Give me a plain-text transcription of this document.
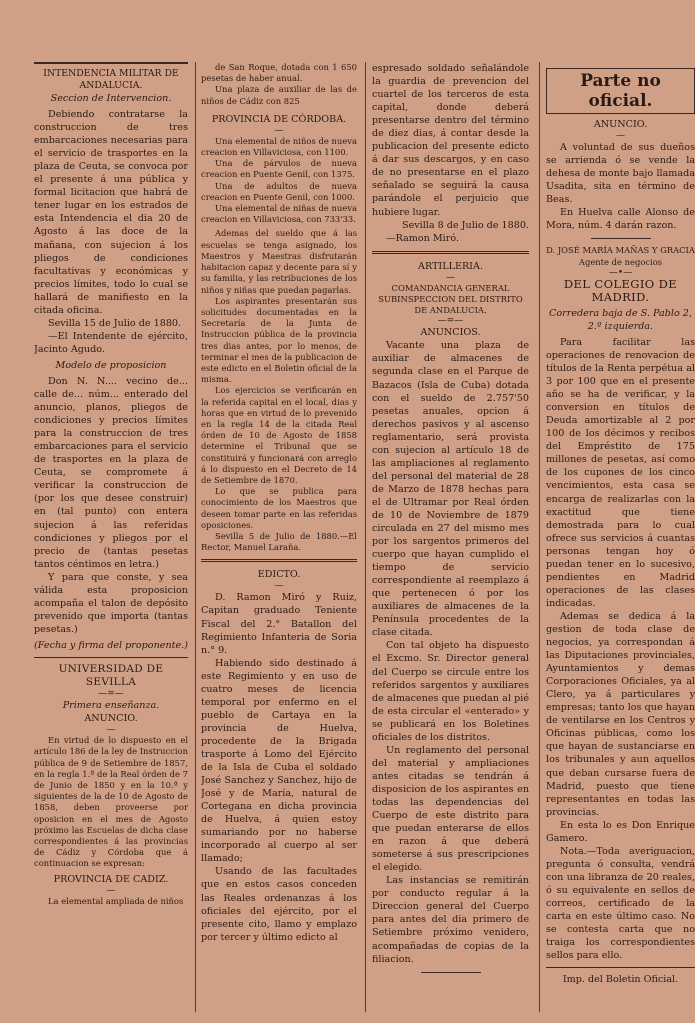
INTENDENCIA MILITAR DE ANDALUCIA.
Seccion de Intervencion.

Debiendo contratarse la construccion de tres embarcaciones necesarias para el servicio de trasportes en la plaza de Ceuta, se convoca por el presente á una pública y formal licitacion que habrá de tener lugar en los estrados de esta Intendencia el dia 20 de Agosto á las doce de la mañana, con sujecion á los pliegos de condiciones facultativas y económicas y precios límites, todo lo cual se hallará de manifiesto en la citada oficina.

Sevilla 15 de Julio de 1880.

—El Intendente de ejército, Jacinto Agudo.

Modelo de proposicion

Don N. N.... vecino de... calle de... núm... enterado del anuncio, planos, pliegos de condiciones y precios límites para la construccion de tres embarcaciones para el servicio de trasportes en la plaza de Ceuta, se compromete á verificar la construccion de (por los que desee construir) en (tal punto) con entera sujecion á las referidas condiciones y pliegos por el precio de (tantas pesetas tantos céntimos en letra.)

Y para que conste, y sea válida esta proposicion acompaña el talon de depósito prevenido que importa (tantas pesetas.)

(Fecha y firma del proponente.)
UNIVERSIDAD DE SEVILLA
—=—
Primera enseñanza.
ANUNCIO.
—

En virtud de lo dispuesto en el artículo 186 de la ley de Instruccion pública de 9 de Setiembre de 1857, en la regla 1.ª de la Real órden de 7 de Junio de 1850 y en la 10.ª y siguientes de la de 10 de Agosto de 1858, deben proveerse por oposicion en el mes de Agosto próximo las Escuelas de dicha clase correspondientes á las provincias de Cádiz y Córdoba que á continuacion se expresan:

PROVINCIA DE CADIZ.
—

La elemental ampliada de niños

de San Roque, dotada con 1 650 pesetas de haber anual.

Una plaza de auxiliar de las de niños de Cádiz con 825

PROVINCIA DE CÓRDOBA.
—

Una elemental de niños de nueva creacion en Villaviciosa, con 1100.

Una de párvulos de nueva creacion en Puente Genil, con 1375.

Una de adultos de nueva creacion en Puente Genil, con 1000.

Una elemental de niñas de nueva creacion en Villaviciosa, con 733'33.

Ademas del sueldo que á las escuelas se tenga asignado, los Maestros y Maestras disfrutarán habitacion capaz y decente para sí y su familia, y las retribuciones de los niños y niñas que puedan pagarlas.

Los aspirantes presentarán sus solicitudes documentadas en la Secretaría de la Junta de Instruccion pública de la provincia tres dias antes, por lo menos, de terminar el mes de la publicacion de este edicto en el Boletin oficial de la misma.

Los ejercicios se verificarán en la referida capital en el local, dias y horas que en virtud de lo prevenido en la regla 14 de la citada Real órden de 10 de Agosto de 1858 determine el Tribunal que se constituirá y funcionará con arreglo á lo dispuesto en el Decreto de 14 de Setiembre de 1870.

Lo que se publica para conocimiento de los Maestros que deseen tomar parte en las referidas oposiciones.

Sevilla 5 de Julio de 1880.—El Rector, Manuel Laraña.

EDICTO.
—

D. Ramon Miró y Ruiz, Capitan graduado Teniente Fiscal del 2.° Batallon del Regimiento Infanteria de Soria n.° 9.

Habiendo sido destinado á este Regimiento y en uso de cuatro meses de licencia temporal por enfermo en el pueblo de Cartaya en la provincia de Huelva, procedente de la Brigada trasporte á Lomo del Ejército de la Isla de Cuba el soldado José Sanchez y Sanchez, hijo de José y de María, natural de Cortegana en dicha provincia de Huelva, á quien estoy sumariando por no haberse incorporado al cuerpo al ser llamado;

Usando de las facultades que en estos casos conceden las Reales ordenanzas á los oficiales del ejército, por el presente cito, llamo y emplazo por tercer y último edicto al

espresado soldado señalándole la guardia de prevencion del cuartel de los terceros de esta capital, donde deberá presentarse dentro del término de diez dias, á contar desde la publicacion del presente edicto á dar sus descargos, y en caso de no presentarse en el plazo señalado se seguirá la causa parándole el perjuicio que hubiere lugar.

Sevilla 8 de Julio de 1880.

—Ramon Miró.

ARTILLERIA.
—
COMANDANCIA GENERAL SUBINSPECCION DEL DISTRITO DE ANDALUCIA.
—=—
ANUNCIOS.

Vacante una plaza de auxiliar de almacenes de segunda clase en el Parque de Bazacos (Isla de Cuba) dotada con el sueldo de 2.757'50 pesetas anuales, opcion á derechos pasivos y al ascenso reglamentario, será provista con sujecion al artículo 18 de las ampliaciones al reglamento del personal del material de 28 de Marzo de 1878 hechas para el de Ultramar por Real órden de 10 de Noviembre de 1879 circulada en 27 del mismo mes por los sargentos primeros del cuerpo que hayan cumplido el tiempo de servicio correspondiente al reemplazo á que pertenecen ó por los auxiliares de almacenes de la Península procedentes de la clase citada.

Con tal objeto ha dispuesto el Excmo. Sr. Director general del Cuerpo se circule entre los referidos sargentos y auxiliares de almacenes que puedan al pié de esta circular el «enterado» y se publicará en los Boletines oficiales de los distritos.

Un reglamento del personal del material y ampliaciones antes citadas se tendrán á disposicion de los aspirantes en todas las dependencias del Cuerpo de este distrito para que puedan enterarse de ellos en razon á que deberá someterse á sus prescripciones el elegido.

Las instancias se remitirán por conducto regular á la Direccion general del Cuerpo para antes del dia primero de Setiembre próximo venidero, acompañadas de copias de la filiacion.

Parte no oficial.
ANUNCIO.
—

A voluntad de sus dueños se arrienda ó se vende la dehesa de monte bajo llamada Usadita, sita en término de Beas.

En Huelva calle Alonso de Mora, núm. 4 darán razon.

D. JOSÉ MARÍA MAÑAS Y GRACIA
Agente de negocios
—•—
DEL COLEGIO DE MADRID.
Corredera baja de S. Pablo 2, 2.º izquierda.

Para facilitar las operaciones de renovacion de títulos de la Renta perpétua al 3 por 100 que en el presente año se ha de verificar, y la conversion en títulos de Deuda amortizable al 2 por 100 de los décimos y recibos del Empréstito de 175 millones de pesetas, así como de los cupones de los cinco vencimientos, esta casa se encarga de realizarlas con la exactitud que tiene demostrada para lo cual ofrece sus servicios á cuantas personas tengan hoy ó puedan tener en lo sucesivo, pendientes en Madrid operaciones de las clases indicadas.

Ademas se dedica á la gestion de toda clase de negocios, ya correspondan á las Diputaciones provinciales, Ayuntamientos y demas Corporaciones Oficiales, ya al Clero, ya á particulares y empresas; tanto los que hayan de ventilarse en los Centros y Oficinas públicas, como los que hayan de sustanciarse en los tribunales y aun aquellos que deban cursarse fuera de Madrid, puesto que tiene representantes en todas las provincias.

En esta lo es Don Enrique Gamero.

Nota.—Toda averiguacion, pregunta ó consulta, vendrá con una libranza de 20 reales, ó su equivalente en sellos de correos, certificado de la carta en este último caso. No se contesta carta que no traiga los correspondientes sellos para ello.

Imp. del Boletin Oficial.
